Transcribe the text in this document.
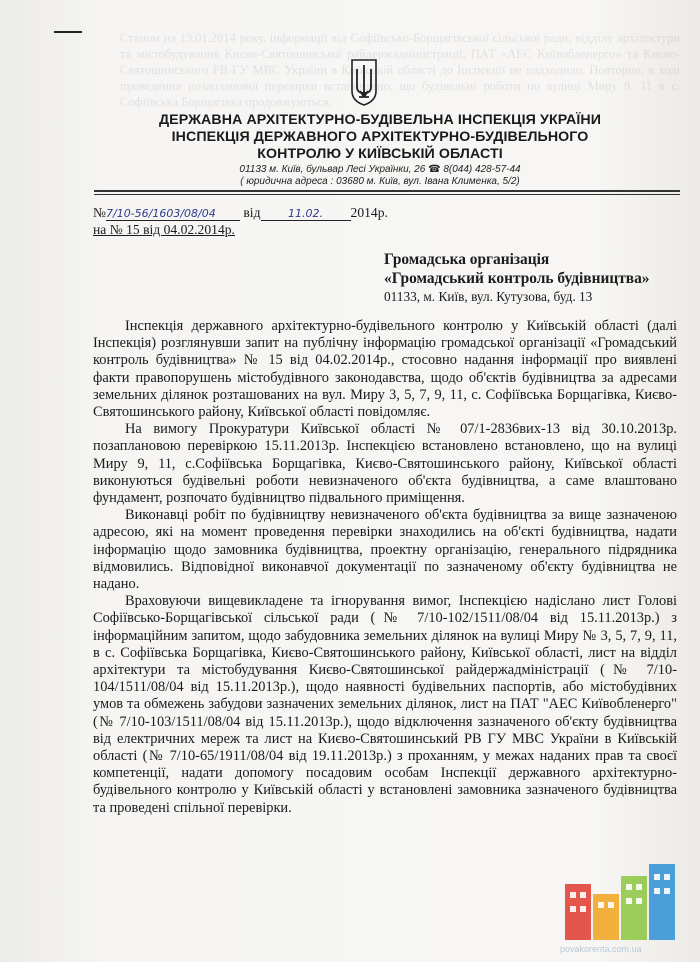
Станом на 13.01.2014 року, інформації від Софіївсько-Борщагівської сільської ради, відділу архітектури та містобудування Києво-Святошинської райдержадміністрації, ПАТ «АЕС Київобленерго» та Києво-Святошинського РВ ГУ МВС України в Київській області до Інспекції не надходило. Повторно, в ході проведення позапланової перевірки встановлено, що будівельні роботи по вулиці Миру 9, 11 в с. Софіївська Борщагівка продовжуються.
ДЕРЖАВНА АРХІТЕКТУРНО-БУДІВЕЛЬНА ІНСПЕКЦІЯ УКРАЇНИ
ІНСПЕКЦІЯ ДЕРЖАВНОГО АРХІТЕКТУРНО-БУДІВЕЛЬНОГО
КОНТРОЛЮ У КИЇВСЬКІЙ ОБЛАСТІ
01133 м. Київ, бульвар Лесі Українки, 26 ☎ 8(044) 428-57-44
( юридична адреса : 03680 м. Київ, вул. Івана Клименка, 5/2)
№7/10-56/1603/08/04 від	11.02. 2014р.
на № 15 від 04.02.2014р.
Громадська організація
«Громадський контроль будівництва»
01133, м. Київ, вул. Кутузова, буд. 13

Інспекція державного архітектурно-будівельного контролю у Київській області (далі Інспекція) розглянувши запит на публічну інформацію громадської організації «Громадський контроль будівництва» № 15 від 04.02.2014р., стосовно надання інформації про виявлені факти правопорушень містобудівного законодавства, щодо об'єктів будівництва за адресами земельних ділянок розташованих на вул. Миру 3, 5, 7, 9, 11, с. Софіївська Борщагівка, Києво-Святошинського району, Київської області повідомляє.

На вимогу Прокуратури Київської області № 07/1-2836вих-13 від 30.10.2013р. позаплановою перевіркою 15.11.2013р. Інспекцією встановлено встановлено, що на вулиці Миру 9, 11, с.Софіївська Борщагівка, Києво-Святошинського району, Київської області виконуються будівельні роботи невизначеного об'єкта будівництва, а саме влаштовано фундамент, розпочато будівництво підвального приміщення.

Виконавці робіт по будівництву невизначеного об'єкта будівництва за вище зазначеною адресою, які на момент проведення перевірки знаходились на об'єкті будівництва, надати інформацію щодо замовника будівництва, проектну організацію, генерального підрядника відмовились. Відповідної виконавчої документації по зазначеному об'єкту будівництва не надано.

Враховуючи вищевикладене та ігнорування вимог, Інспекцією надіслано лист Голові Софіївсько-Борщагівської сільської ради (№ 7/10-102/1511/08/04 від 15.11.2013р.) з інформаційним запитом, щодо забудовника земельних ділянок на вулиці Миру № 3, 5, 7, 9, 11, в с. Софіївська Борщагівка, Києво-Святошинського району, Київської області, лист на відділ архітектури та містобудування Києво-Святошинської райдержадміністрації (№ 7/10-104/1511/08/04 від 15.11.2013р.), щодо наявності будівельних паспортів, або містобудівних умов та обмежень забудови зазначених земельних ділянок, лист на ПАТ "АЕС Київобленерго" (№ 7/10-103/1511/08/04 від 15.11.2013р.), щодо відключення зазначеного об'єкту будівництва від електричних мереж та лист на Києво-Святошинський РВ ГУ МВС України в Київській області (№ 7/10-65/1911/08/04 від 19.11.2013р.) з проханням, у межах наданих прав та своєї компетенції, надати допомогу посадовим особам Інспекції державного архітектурно-будівельного контролю у Київській області у встановлені замовника зазначеного будівництва та проведені спільної перевірки.

povakorenta.com.ua
